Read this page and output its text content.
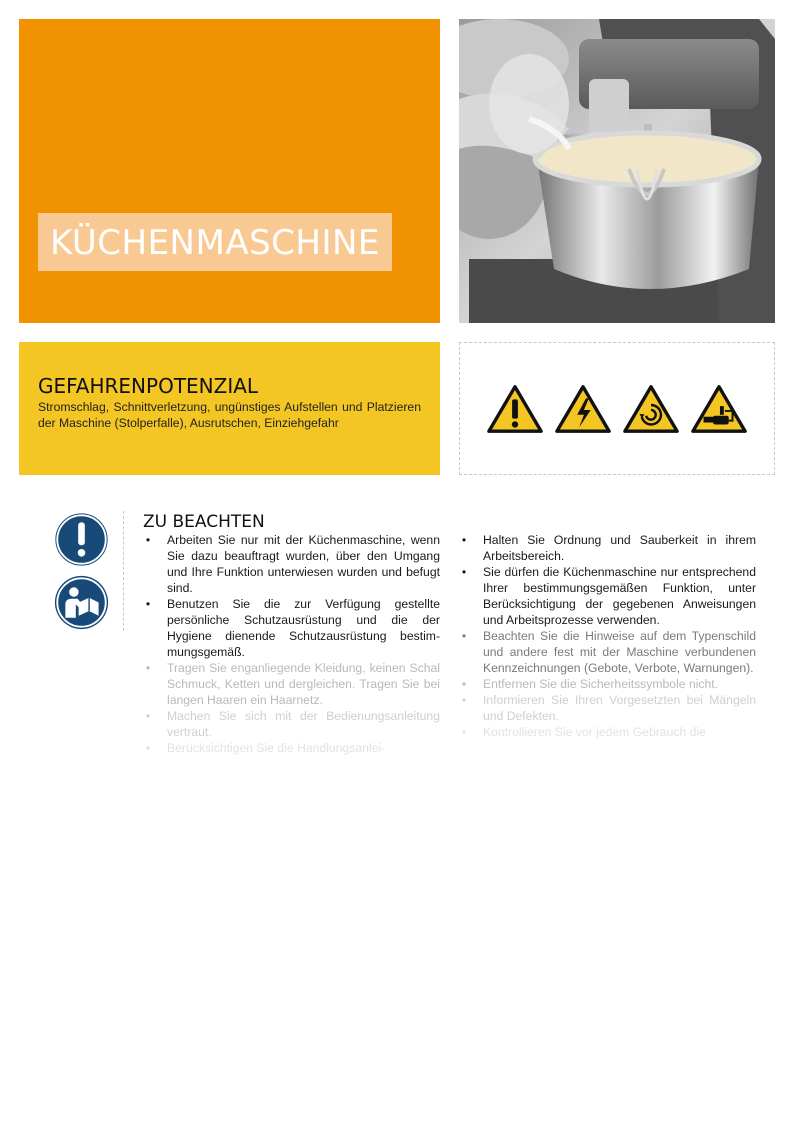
KÜCHENMASCHINE
GEFAHRENPOTENZIAL
Stromschlag, Schnittverletzung, ungünstiges Aufstellen und Platzieren der Maschine (Stolperfalle), Ausrutschen, Einziehgefahr
ZU BEACHTEN
• Arbeiten Sie nur mit der Küchenmaschine, wenn Sie dazu beauftragt wurden, über den Umgang und Ihre Funktion unterwiesen wurden und befugt sind.
• Benutzen Sie die zur Verfügung gestellte persönliche Schutzausrüstung und die der Hygiene dienende Schutzausrüstung bestimmungsgemäß.
• Tragen Sie enganliegende Kleidung, keinen Schal Schmuck, Ketten und dergleichen. Tragen Sie bei langen Haaren ein Haarnetz.
• Machen Sie sich mit der Bedienungsanleitung vertraut.
• Berücksichtigen Sie die Handlungsanlei-
• Halten Sie Ordnung und Sauberkeit in ihrem Arbeitsbereich.
• Sie dürfen die Küchenmaschine nur entsprechend Ihrer bestimmungsgemäßen Funktion, unter Berücksichtigung der gegebenen Anweisungen und Arbeitsprozesse verwenden.
• Beachten Sie die Hinweise auf dem Typenschild und andere fest mit der Maschine verbundenen Kennzeichnungen (Gebote, Verbote, Warnungen).
• Entfernen Sie die Sicherheitssymbole nicht.
• Informieren Sie Ihren Vorgesetzten bei Mängeln und Defekten.
• Kontrollieren Sie vor jedem Gebrauch die
